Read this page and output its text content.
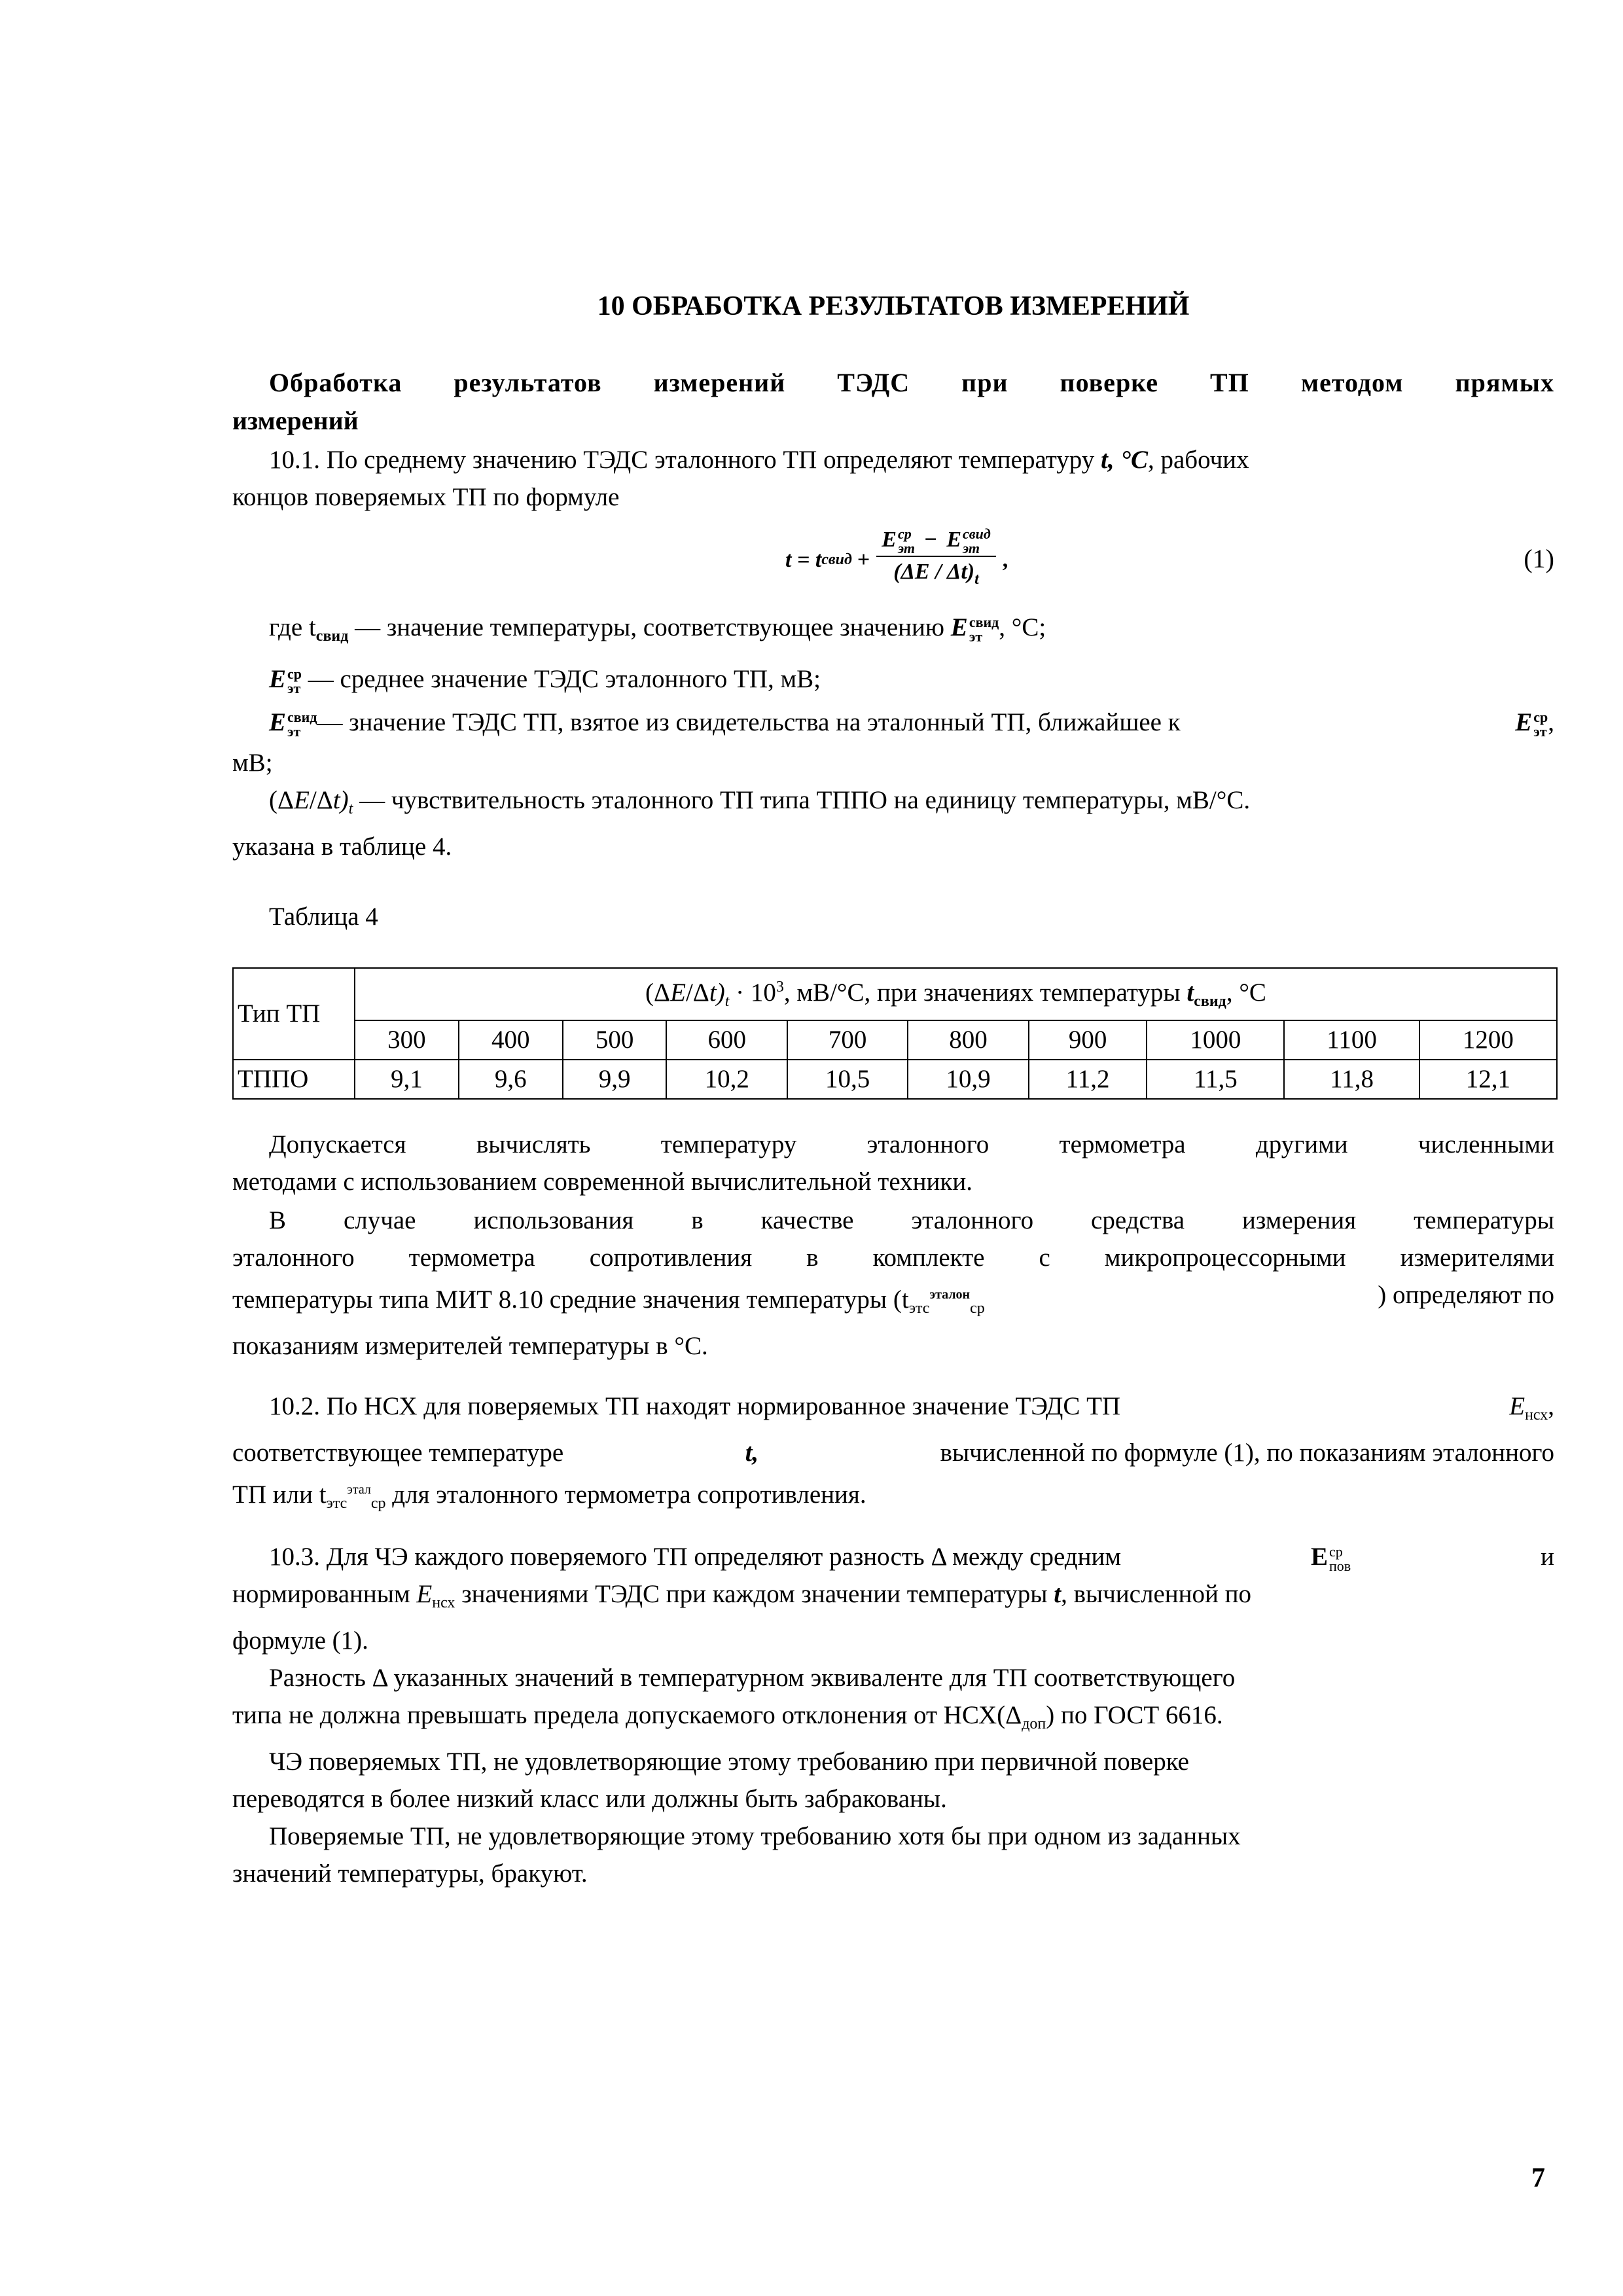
10 ОБРАБОТКА РЕЗУЛЬТАТОВ ИЗМЕРЕНИЙ
Обработка результатов измерений ТЭДС при поверке ТП методом прямых
измерений
10.1. По среднему значению ТЭДС эталонного ТП определяют температуру t, °C, рабочих
концов поверяемых ТП по формуле
t = t свид + E ср
эт − E свид
эт
$(\Delta E / \Delta t)_t$ ,	(1)
где $t_{свид}$ — значение температуры, соответствующее значению E свид
эт , °C;
E ср
эт — среднее значение ТЭДС эталонного ТП, мВ;
E свид
эт — значение ТЭДС ТП, взятое из свидетельства на эталонный ТП, ближайшее к	E ср
эт ,
мВ;
$(\Delta E/\Delta t)_t$ — чувствительность эталонного ТП типа ТППО на единицу температуры, мВ/°С.
указана в таблице 4.
Таблица 4
Тип ТП	$(\Delta E/\Delta t)_t \cdot 10^3$, мВ/°С, при значениях температуры $t_{свид}$, °С									
	300	400	500	600	700	800	900	1000	1100	1200
ТППО	9,1	9,6	9,9	10,2	10,5	10,9	11,2	11,5	11,8	12,1
Допускается	вычислять	температуру	эталонного	термометра	другими	численными
методами с использованием современной вычислительной техники.
В случае использования в качестве эталонного средства измерения температуры
эталонного термометра сопротивления в комплекте с микропроцессорными измерителями
температуры типа МИТ 8.10 средние значения температуры ($t_{этс}^{эталон}_{ср}$	) определяют по
показаниям измерителей температуры в °С.
10.2. По НСХ для поверяемых ТП находят нормированное значение ТЭДС ТП	$E_{нсх}$,
соответствующее температуре	t,	вычисленной по формуле (1), по показаниям эталонного
ТП или $t_{этс}^{этал}_{ср}$ для эталонного термометра сопротивления.
10.3. Для ЧЭ каждого поверяемого ТП определяют разность Δ между средним	E ср
пов	и
нормированным $E_{нсх}$ значениями ТЭДС при каждом значении температуры t, вычисленной по
формуле (1).
Разность Δ указанных значений в температурном эквиваленте для ТП соответствующего
типа не должна превышать предела допускаемого отклонения от $НСХ(\Delta_{доп})$ по ГОСТ 6616.
ЧЭ поверяемых ТП, не удовлетворяющие этому требованию при первичной поверке
переводятся в более низкий класс или должны быть забракованы.
Поверяемые ТП, не удовлетворяющие этому требованию хотя бы при одном из заданных
значений температуры, бракуют.
7
